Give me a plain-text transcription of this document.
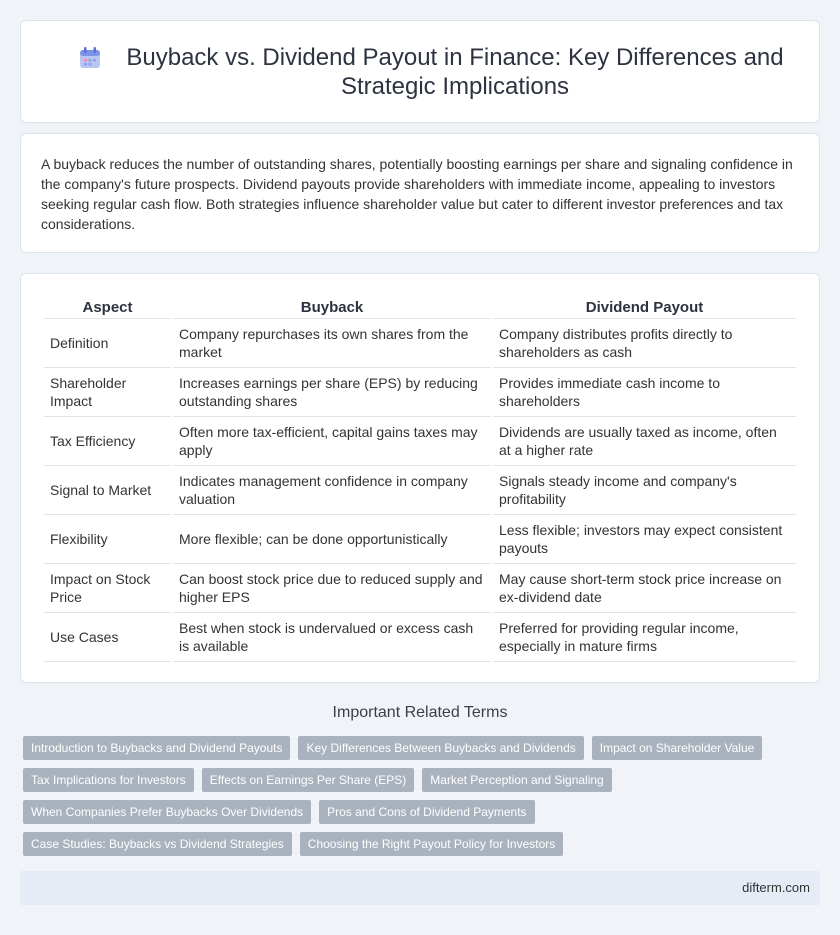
Buyback vs. Dividend Payout in Finance: Key Differences and Strategic Implications

A buyback reduces the number of outstanding shares, potentially boosting earnings per share and signaling confidence in the company's future prospects. Dividend payouts provide shareholders with immediate income, appealing to investors seeking regular cash flow. Both strategies influence shareholder value but cater to different investor preferences and tax considerations.

Aspect	Buyback	Dividend Payout
Definition	Company repurchases its own shares from the market	Company distributes profits directly to shareholders as cash
Shareholder Impact	Increases earnings per share (EPS) by reducing outstanding shares	Provides immediate cash income to shareholders
Tax Efficiency	Often more tax-efficient, capital gains taxes may apply	Dividends are usually taxed as income, often at a higher rate
Signal to Market	Indicates management confidence in company valuation	Signals steady income and company's profitability
Flexibility	More flexible; can be done opportunistically	Less flexible; investors may expect consistent payouts
Impact on Stock Price	Can boost stock price due to reduced supply and higher EPS	May cause short-term stock price increase on ex-dividend date
Use Cases	Best when stock is undervalued or excess cash is available	Preferred for providing regular income, especially in mature firms
Important Related Terms
Introduction to Buybacks and Dividend Payouts	Key Differences Between Buybacks and Dividends	Impact on Shareholder Value
Tax Implications for Investors	Effects on Earnings Per Share (EPS)	Market Perception and Signaling
When Companies Prefer Buybacks Over Dividends	Pros and Cons of Dividend Payments
Case Studies: Buybacks vs Dividend Strategies	Choosing the Right Payout Policy for Investors
difterm.com
